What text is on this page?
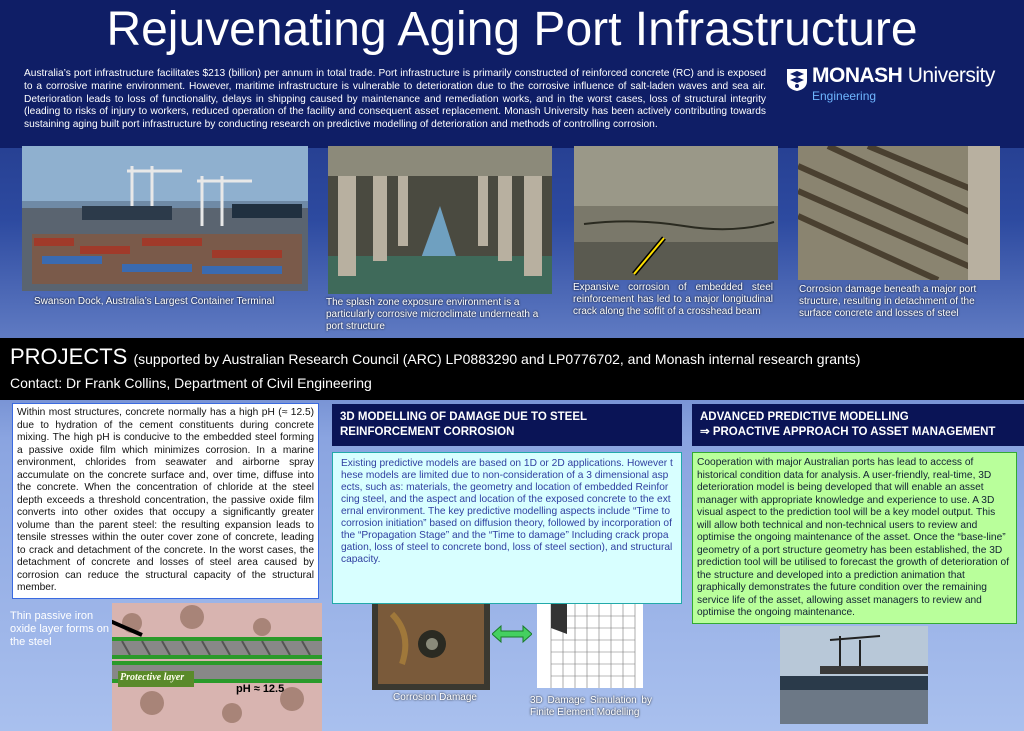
Rejuvenating Aging Port Infrastructure
Australia’s port infrastructure facilitates $213 (billion) per annum in total trade. Port infrastructure is primarily constructed of reinforced concrete (RC) and is exposed to a corrosive marine environment. However, maritime infrastructure is vulnerable to deterioration due to the corrosive influence of salt-laden waves and sea air. Deterioration leads to loss of functionality, delays in shipping caused by maintenance and remediation works, and in the worst cases, loss of structural integrity (leading to risks of injury to workers, reduced operation of the facility and consequent asset replacement. Monash University has been actively contributing towards sustaining aging built port infrastructure by conducting research on predictive modelling of deterioration and methods of controlling corrosion.
MONASH University
Engineering
Swanson Dock, Australia’s Largest Container Terminal	The splash zone exposure environment is a particularly corrosive microclimate underneath a port structure
Expansive corrosion of embedded steel reinforcement has led to a major longitudinal crack along the soffit of a crosshead beam
Corrosion damage beneath a major port structure, resulting in detachment of the surface concrete and losses of steel
PROJECTS (supported by Australian Research Council (ARC) LP0883290 and LP0776702, and Monash internal research grants)
Contact: Dr Frank Collins, Department of Civil Engineering
Within most structures, concrete normally has a high pH (≈ 12.5) due to hydration of the cement constituents during concrete mixing. The high pH is conducive to the embedded steel forming a passive oxide film which minimizes corrosion. In a marine environment, chlorides from seawater and airborne spray accumulate on the concrete surface and, over time, diffuse into the concrete. When the concentration of chloride at the steel depth exceeds a threshold concentration, the passive oxide film converts into other oxides that occupy a significantly greater volume than the parent steel: the resulting expansion leads to tensile stresses within the outer cover zone of concrete, leading to crack and detachment of the concrete. In the worst cases, the detachment of concrete and losses of steel area caused by corrosion can reduce the structural capacity of the structural member.
Thin passive iron oxide layer forms on the steel
Protective layer
pH ≈ 12.5
3D MODELLING OF DAMAGE DUE TO STEEL REINFORCEMENT CORROSION
Existing predictive models are based on 1D or 2D applications. However these models are limited due to non-consideration of a 3 dimensional aspects, such as: materials, the geometry and location of embedded Reinforcing steel, and the aspect and location of the exposed concrete to the external environment. The key predictive modelling aspects include “Time to corrosion initiation” based on diffusion theory, followed by incorporation of the “Propagation Stage” and the “Time to damage” Including crack propagation, loss of steel to concrete bond, loss of steel section), and structural capacity.
Corrosion Damage	3D Damage Simulation by Finite Element Modelling
ADVANCED PREDICTIVE MODELLING
⇒ PROACTIVE APPROACH TO ASSET MANAGEMENT
Cooperation with major Australian ports has lead to access of historical condition data for analysis. A user-friendly, real-time, 3D deterioration model is being developed that will enable an asset manager with appropriate knowledge and experience to use. A 3D visual aspect to the prediction tool will be a key model output. This will allow both technical and non-technical users to review and optimise the ongoing maintenance of the asset. Once the “base-line” geometry of a port structure geometry has been established, the 3D prediction tool will be utilised to forecast the growth of deterioration of the structure and developed into a prediction animation that graphically demonstrates the future condition over the remaining service life of the asset, allowing asset managers to review and optimise the ongoing maintenance.
